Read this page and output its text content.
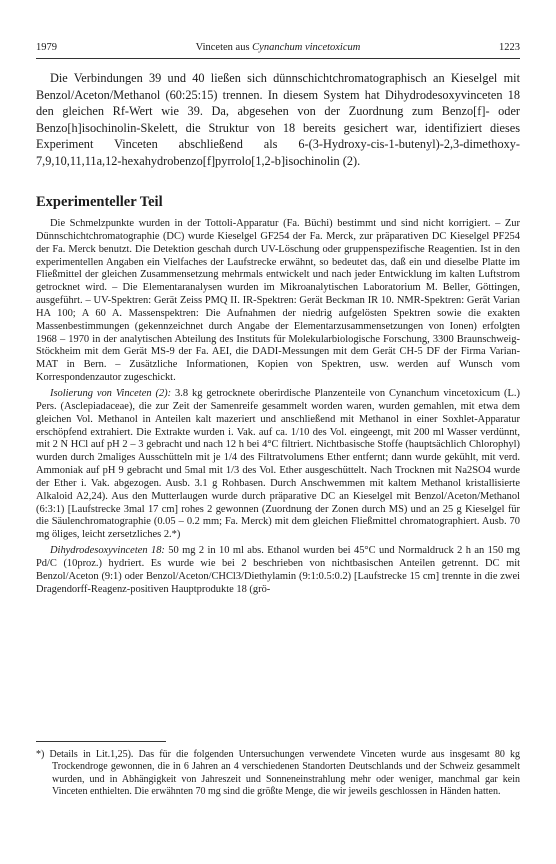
1979	Vinceten aus Cynanchum vincetoxicum	1223

Die Verbindungen 39 und 40 ließen sich dünnschichtchromatographisch an Kieselgel mit Benzol/Aceton/Methanol (60:25:15) trennen. In diesem System hat Dihydrodesoxyvinceten 18 den gleichen Rf-Wert wie 39. Da, abgesehen von der Zuordnung zum Benzo[f]- oder Benzo[h]isochinolin-Skelett, die Struktur von 18 bereits gesichert war, identifiziert dieses Experiment Vinceten abschließend als 6-(3-Hydroxy-cis-1-butenyl)-2,3-dimethoxy-7,9,10,11,11a,12-hexahydrobenzo[f]pyrrolo[1,2-b]isochinolin (2).

Experimenteller Teil

Die Schmelzpunkte wurden in der Tottoli-Apparatur (Fa. Büchi) bestimmt und sind nicht korrigiert. – Zur Dünnschichtchromatographie (DC) wurde Kieselgel GF254 der Fa. Merck, zur präparativen DC Kieselgel PF254 der Fa. Merck benutzt. Die Detektion geschah durch UV-Löschung oder gruppenspezifische Reagentien. Ist in den experimentellen Angaben ein Vielfaches der Laufstrecke erwähnt, so bedeutet das, daß ein und dieselbe Platte im Fließmittel der gleichen Zusammensetzung mehrmals entwickelt und nach jeder Entwicklung im kalten Luftstrom getrocknet wird. – Die Elementaranalysen wurden im Mikroanalytischen Laboratorium M. Beller, Göttingen, ausgeführt. – UV-Spektren: Gerät Zeiss PMQ II. IR-Spektren: Gerät Beckman IR 10. NMR-Spektren: Gerät Varian HA 100; A 60 A. Massenspektren: Die Aufnahmen der niedrig aufgelösten Spektren sowie die exakten Massenbestimmungen (gekennzeichnet durch Angabe der Elementarzusammensetzungen von Ionen) erfolgten 1968 – 1970 in der analytischen Abteilung des Instituts für Molekularbiologische Forschung, 3300 Braunschweig-Stöckheim mit dem Gerät MS-9 der Fa. AEI, die DADI-Messungen mit dem Gerät CH-5 DF der Firma Varian-MAT in Bern. – Zusätzliche Informationen, Kopien von Spektren, usw. werden auf Wunsch vom Korrespondenzautor zugeschickt.

Isolierung von Vinceten (2): 3.8 kg getrocknete oberirdische Planzenteile von Cynanchum vincetoxicum (L.) Pers. (Asclepiadaceae), die zur Zeit der Samenreife gesammelt worden waren, wurden gemahlen, mit etwa dem gleichen Vol. Methanol in Anteilen kalt mazeriert und anschließend mit Methanol in einer Soxhlet-Apparatur erschöpfend extrahiert. Die Extrakte wurden i. Vak. auf ca. 1/10 des Vol. eingeengt, mit 200 ml Wasser verdünnt, mit 2 N HCl auf pH 2 – 3 gebracht und nach 12 h bei 4°C filtriert. Nichtbasische Stoffe (hauptsächlich Chlorophyl) wurden durch 2maliges Ausschütteln mit je 1/4 des Filtratvolumens Ether entfernt; dann wurde gekühlt, mit verd. Ammoniak auf pH 9 gebracht und 5mal mit 1/3 des Vol. Ether ausgeschüttelt. Nach Trocknen mit Na2SO4 wurde der Ether i. Vak. abgezogen. Ausb. 3.1 g Rohbasen. Durch Anschwemmen mit kaltem Methanol kristallisierte Alkaloid A2,24). Aus den Mutterlaugen wurde durch präparative DC an Kieselgel mit Benzol/Aceton/Methanol (6:3:1) [Laufstrecke 3mal 17 cm] rohes 2 gewonnen (Zuordnung der Zonen durch MS) und an 25 g Kieselgel für die Säulenchromatographie (0.05 – 0.2 mm; Fa. Merck) mit dem gleichen Fließmittel chromatographiert. Ausb. 70 mg öliges, leicht zersetzliches 2.*)

Dihydrodesoxyvinceten 18: 50 mg 2 in 10 ml abs. Ethanol wurden bei 45°C und Normaldruck 2 h an 150 mg Pd/C (10proz.) hydriert. Es wurde wie bei 2 beschrieben von nichtbasischen Anteilen getrennt. DC mit Benzol/Aceton (9:1) oder Benzol/Aceton/CHCl3/Diethylamin (9:1:0.5:0.2) [Laufstrecke 15 cm] trennte in die zwei Dragendorff-Reagenz-positiven Hauptprodukte 18 (grö-

*) Details in Lit.1,25). Das für die folgenden Untersuchungen verwendete Vinceten wurde aus insgesamt 80 kg Trockendroge gewonnen, die in 6 Jahren an 4 verschiedenen Standorten Deutschlands und der Schweiz gesammelt wurden, und in Abhängigkeit von Jahreszeit und Sonneneinstrahlung mehr oder weniger, manchmal gar kein Vinceten enthielten. Die erwähnten 70 mg sind die größte Menge, die wir jeweils geschlossen in Händen hatten.
